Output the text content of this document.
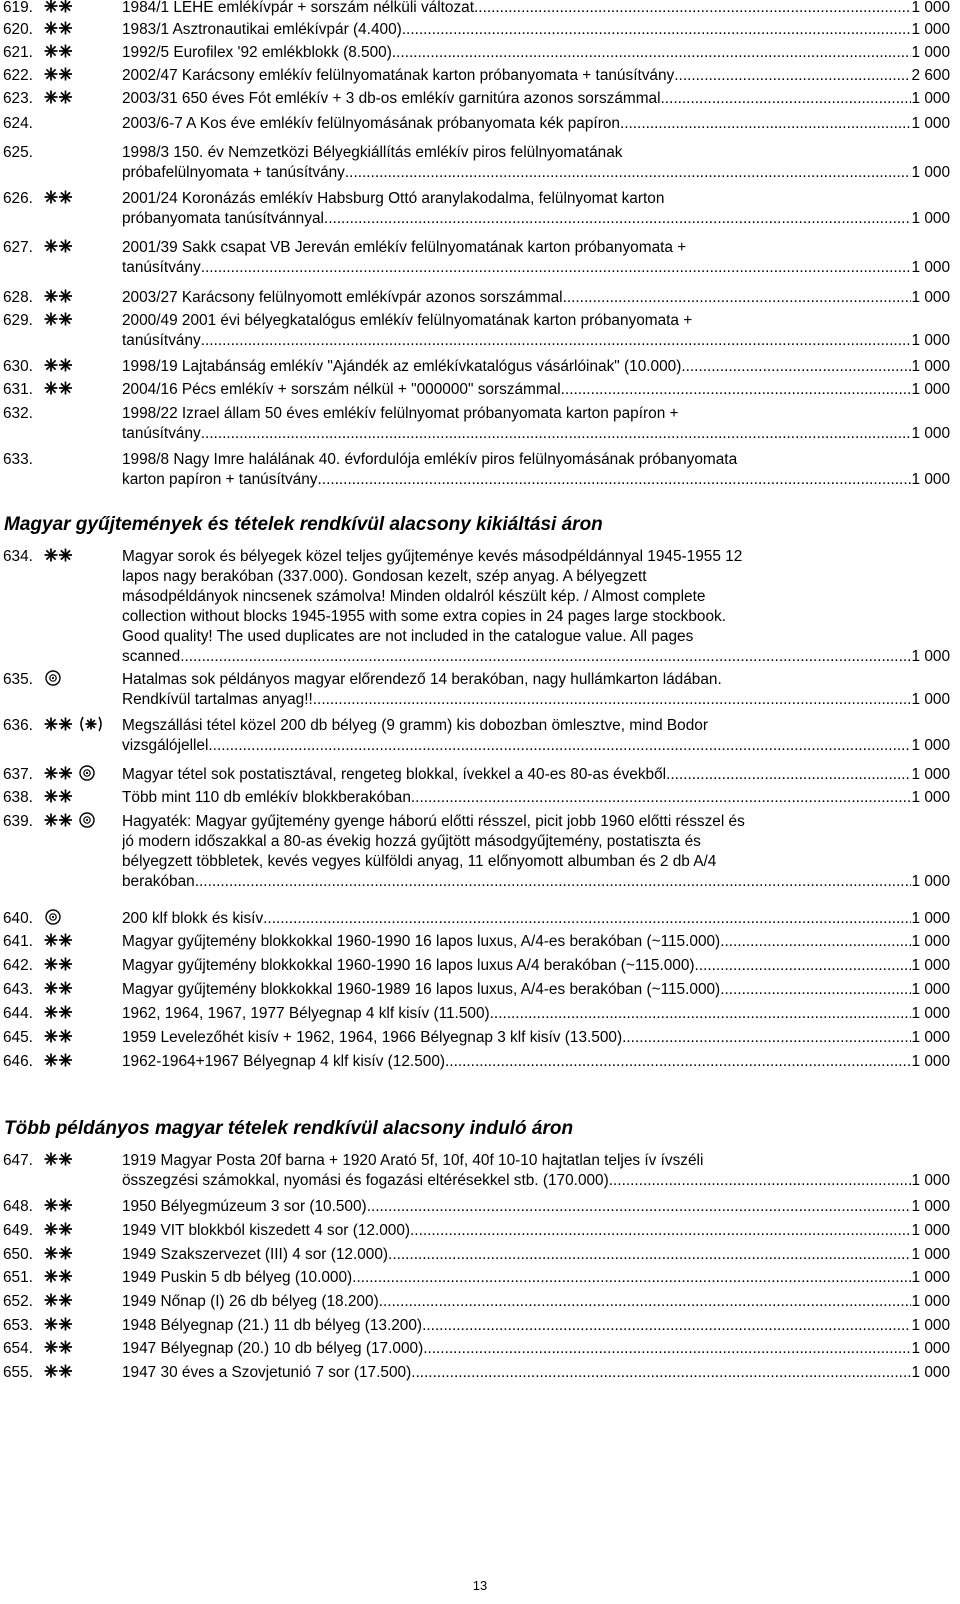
619.	1984/1 LEHE emlékívpár + sorszám nélküli változat .....	1 000
620.	1983/1 Asztronautikai emlékívpár (4.400) .....	1 000
621.	1992/5 Eurofilex '92 emlékblokk (8.500) .....	1 000
622.	2002/47 Karácsony emlékív felülnyomatának karton próbanyomata + tanúsítvány .....	2 600
623.	2003/31 650 éves Fót emlékív + 3 db-os emlékív garnitúra azonos sorszámmal .....	1 000
624.	2003/6-7 A Kos éve emlékív felülnyomásának próbanyomata kék papíron .....	1 000
625.	1998/3 150. év Nemzetközi Bélyegkiállítás emlékív piros felülnyomatának
próbafelülnyomata + tanúsítvány .....	1 000
626.	2001/24 Koronázás emlékív Habsburg Ottó aranylakodalma, felülnyomat karton
próbanyomata tanúsítvánnyal .....	1 000
627.	2001/39 Sakk csapat VB Jereván emlékív felülnyomatának karton próbanyomata +
tanúsítvány .....	1 000
628.	2003/27 Karácsony felülnyomott emlékívpár azonos sorszámmal .....	1 000
629.	2000/49 2001 évi bélyegkatalógus emlékív felülnyomatának karton próbanyomata +
tanúsítvány .....	1 000
630.	1998/19 Lajtabánság emlékív "Ajándék az emlékívkatalógus vásárlóinak" (10.000) .....	1 000
631.	2004/16 Pécs emlékív + sorszám nélkül + "000000" sorszámmal .....	1 000
632.	1998/22 Izrael állam 50 éves emlékív felülnyomat próbanyomata karton papíron +
tanúsítvány .....	1 000
633.	1998/8 Nagy Imre halálának 40. évfordulója emlékív piros felülnyomásának próbanyomata
karton papíron + tanúsítvány .....	1 000
634.	Magyar sorok és bélyegek közel teljes gyűjteménye kevés másodpéldánnyal 1945-1955 12
lapos nagy berakóban (337.000). Gondosan kezelt, szép anyag. A bélyegzett
másodpéldányok nincsenek számolva! Minden oldalról készült kép. / Almost complete
collection without blocks 1945-1955 with some extra copies in 24 pages large stockbook.
Good quality! The used duplicates are not included in the catalogue value. All pages
scanned. .....	1 000
635.	Hatalmas sok példányos magyar előrendező 14 berakóban, nagy hullámkarton ládában.
Rendkívül tartalmas anyag!! .....	1 000
636.	Megszállási tétel közel 200 db bélyeg (9 gramm) kis dobozban ömlesztve, mind Bodor
vizsgálójellel .....	1 000
637.	Magyar tétel sok postatisztával, rengeteg blokkal, ívekkel a 40-es 80-as évekből .....	1 000
638.	Több mint 110 db emlékív blokkberakóban .....	1 000
639.	Hagyaték: Magyar gyűjtemény gyenge háború előtti résszel, picit jobb 1960 előtti résszel és
jó modern időszakkal a 80-as évekig hozzá gyűjtött másodgyűjtemény, postatiszta és
bélyegzett többletek, kevés vegyes külföldi anyag, 11 előnyomott albumban és 2 db A/4
berakóban .....	1 000
640.	200 klf blokk és kisív .....	1 000
641.	Magyar gyűjtemény blokkokkal 1960-1990 16 lapos luxus, A/4-es berakóban (~115.000) .....	1 000
642.	Magyar gyűjtemény blokkokkal 1960-1990 16 lapos luxus A/4 berakóban (~115.000) .....	1 000
643.	Magyar gyűjtemény blokkokkal 1960-1989 16 lapos luxus, A/4-es berakóban (~115.000) .....	1 000
644.	1962, 1964, 1967, 1977 Bélyegnap 4 klf kisív (11.500) .....	1 000
645.	1959 Levelezőhét kisív + 1962, 1964, 1966 Bélyegnap 3 klf kisív (13.500) .....	1 000
646.	1962-1964+1967 Bélyegnap 4 klf kisív (12.500) .....	1 000
647.	1919 Magyar Posta 20f barna + 1920 Arató 5f, 10f, 40f 10-10 hajtatlan teljes ív ívszéli
összegzési számokkal, nyomási és fogazási eltérésekkel stb. (170.000) .....	1 000
648.	1950 Bélyegmúzeum 3 sor (10.500) .....	1 000
649.	1949 VIT blokkból kiszedett 4 sor (12.000) .....	1 000
650.	1949 Szakszervezet (III) 4 sor (12.000) .....	1 000
651.	1949 Puskin 5 db bélyeg (10.000) .....	1 000
652.	1949 Nőnap (I) 26 db bélyeg (18.200) .....	1 000
653.	1948 Bélyegnap (21.) 11 db bélyeg (13.200) .....	1 000
654.	1947 Bélyegnap (20.) 10 db bélyeg (17.000) .....	1 000
655.	1947 30 éves a Szovjetunió 7 sor (17.500) .....	1 000
Magyar gyűjtemények és tételek rendkívül alacsony kikiáltási áron
Több példányos magyar tételek rendkívül alacsony induló áron
13
